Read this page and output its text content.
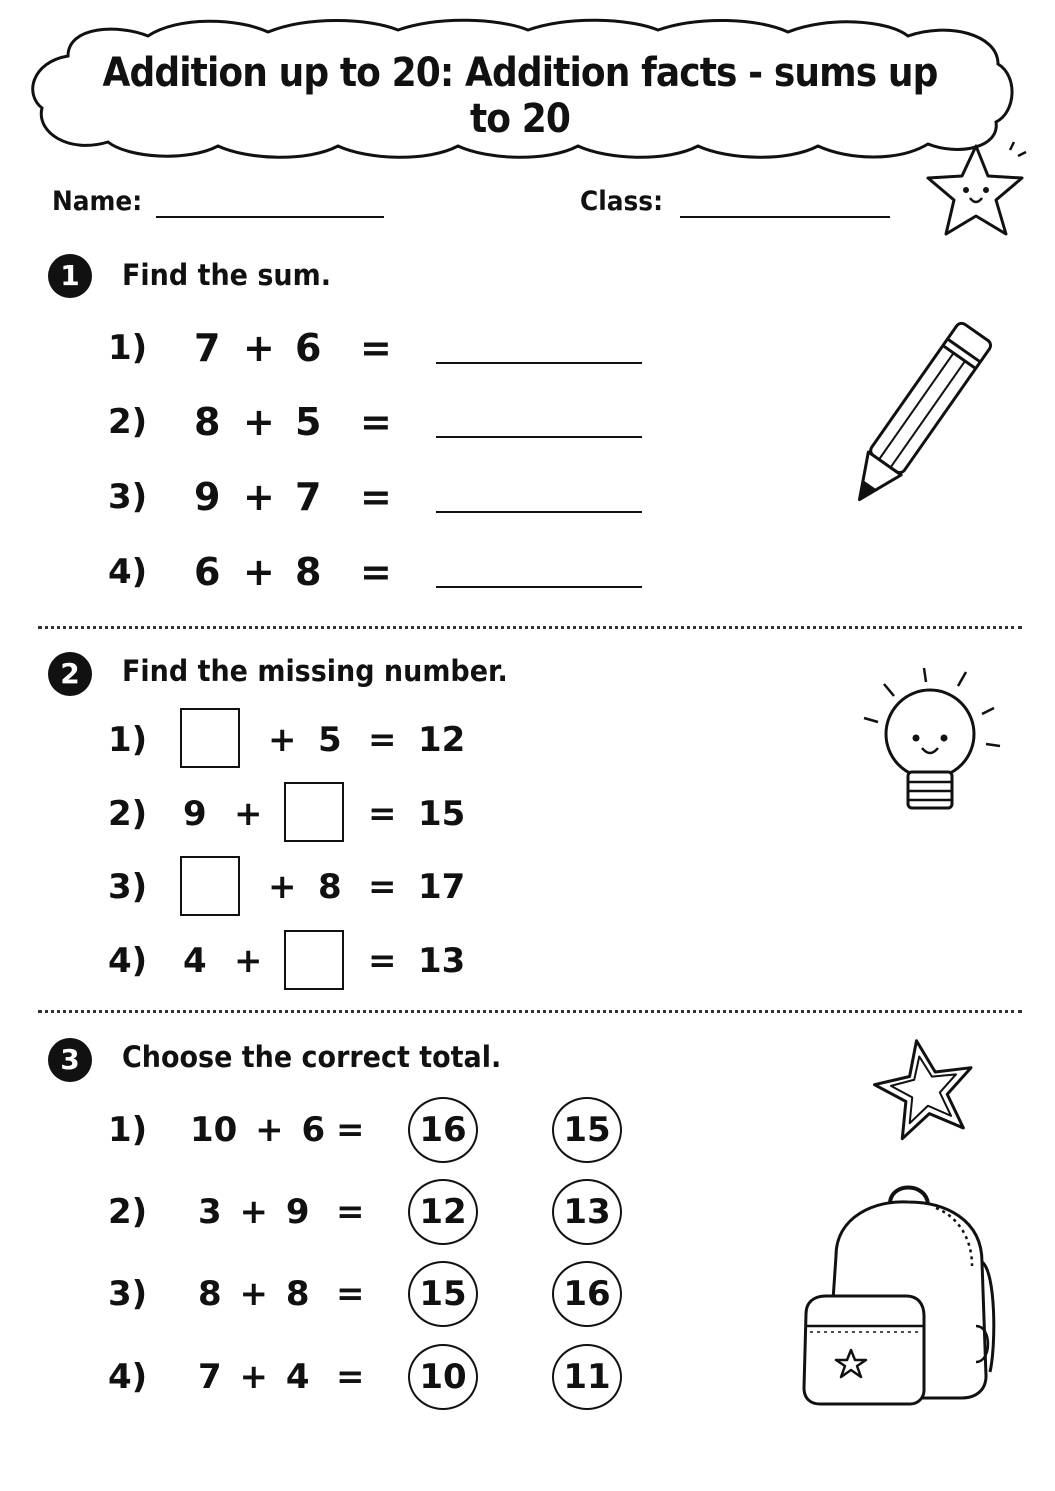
Addition up to 20: Addition facts - sums up to 20
Name:	Class:
1	Find the sum.
1) 7 + 6 =
2) 8 + 5 =
3) 9 + 7 =
4) 6 + 8 =
2	Find the missing number.
1)	+ 5 = 12
2) 9 +	= 15
3)	+ 8 = 17
4) 4 +	= 13
3	Choose the correct total.
1) 10 + 6 =	16	15
2) 3 + 9 =	12	13
3) 8 + 8 =	15	16
4) 7 + 4 =	10	11
